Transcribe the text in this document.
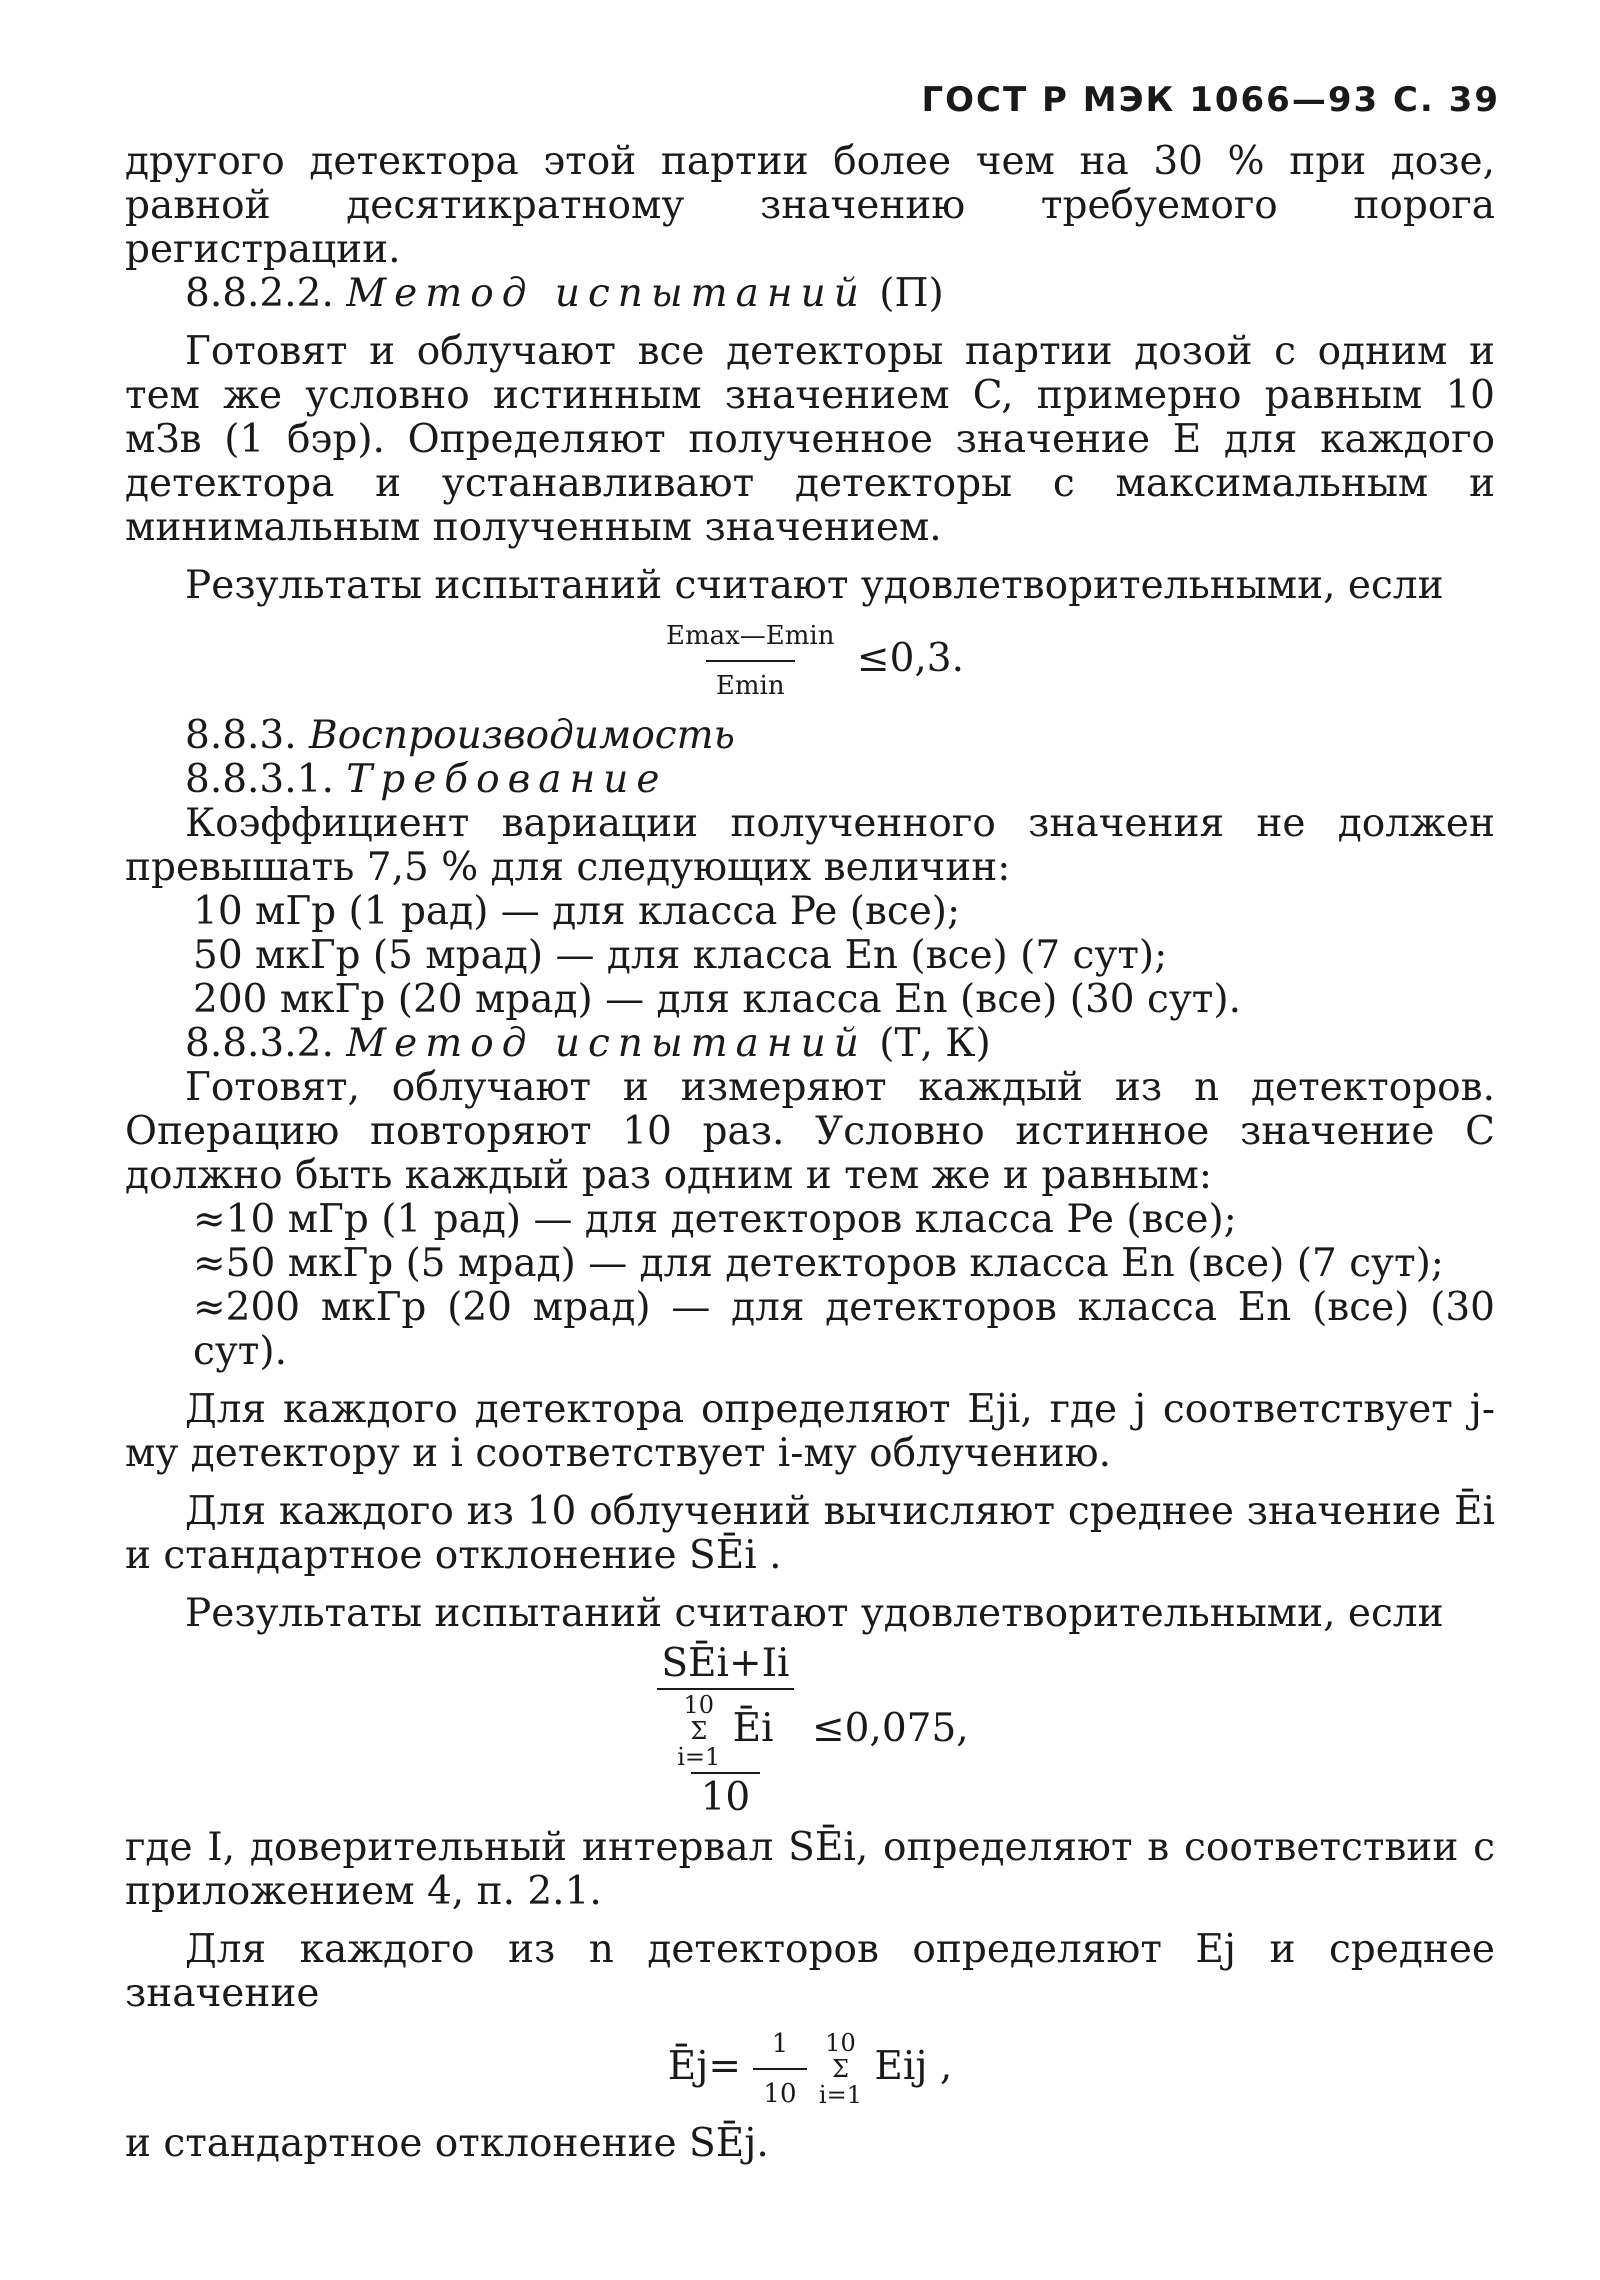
ГОСТ Р МЭК 1066—93 С. 39

другого детектора этой партии более чем на 30 % при дозе, равной десятикратному значению требуемого порога регистрации.

8.8.2.2. Метод испытаний (П)

Готовят и облучают все детекторы партии дозой с одним и тем же условно истинным значением C, примерно равным 10 мЗв (1 бэр). Определяют полученное значение E для каждого детектора и устанавливают детекторы с максимальным и минимальным полученным значением.

Результаты испытаний считают удовлетворительными, если

$\frac{Emax—Emin}{Emin} \le 0,3$.

8.8.3. Воспроизводимость

8.8.3.1. Требование

Коэффициент вариации полученного значения не должен превышать 7,5 % для следующих величин:

10 мГр (1 рад) — для класса Pe (все);

50 мкГр (5 мрад) — для класса En (все) (7 сут);

200 мкГр (20 мрад) — для класса En (все) (30 сут).

8.8.3.2. Метод испытаний (Т, К)

Готовят, облучают и измеряют каждый из n детекторов. Операцию повторяют 10 раз. Условно истинное значение C должно быть каждый раз одним и тем же и равным:

≈10 мГр (1 рад) — для детекторов класса Pe (все);

≈50 мкГр (5 мрад) — для детекторов класса En (все) (7 сут);

≈200 мкГр (20 мрад) — для детекторов класса En (все) (30 сут).

Для каждого детектора определяют Eji, где j соответствует j-му детектору и i соответствует i-му облучению.

Для каждого из 10 облучений вычисляют среднее значение Ēi и стандартное отклонение SĒi .

Результаты испытаний считают удовлетворительными, если

SĒi+Ii
10
Σ
i=1
Ēi
10
≤0,075,

где I, доверительный интервал SĒi, определяют в соответствии с приложением 4, п. 2.1.

Для каждого из n детекторов определяют Ej и среднее значение

Ēj= $\frac{1}{10}$
10
Σ
i=1
Eij ,

и стандартное отклонение SĒj.
